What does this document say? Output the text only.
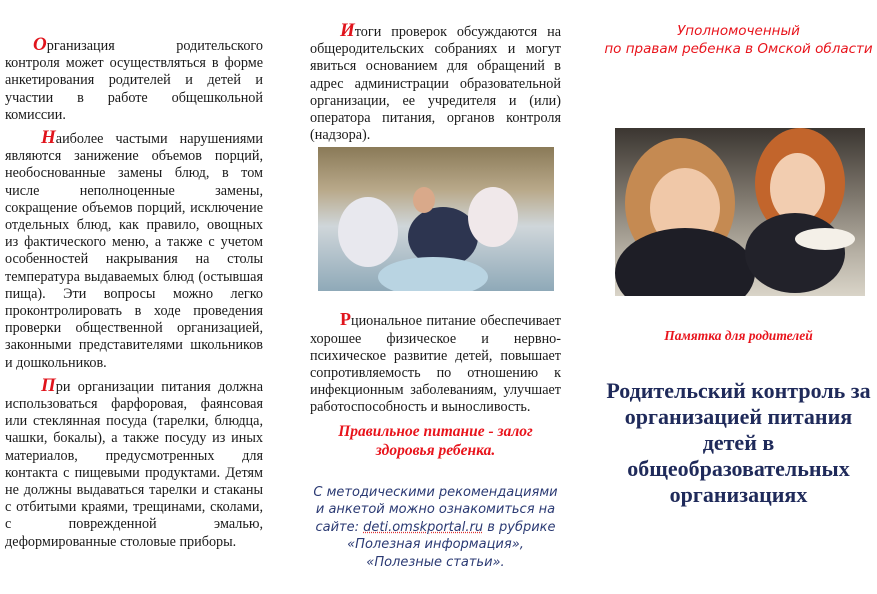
Организация родительского контроля может осуществляться в форме анкетирования родителей и детей и участии в работе общешкольной комиссии.

Наиболее частыми нарушениями являются занижение объемов порций, необоснованные замены блюд, в том числе неполноценные замены, сокращение объемов порций, исключение отдельных блюд, как правило, овощных из фактического меню, а также с учетом особенностей накрывания на столы температура выдаваемых блюд (остывшая пища). Эти вопросы можно легко проконтролировать в ходе проведения проверки общественной организацией, законными представителями школьников и дошкольников.

При организации питания должна использоваться фарфоровая, фаянсовая или стеклянная посуда (тарелки, блюдца, чашки, бокалы), а также посуду из иных материалов, предусмотренных для контакта с пищевыми продуктами. Детям не должны выдаваться тарелки и стаканы с отбитыми краями, трещинами, сколами, с поврежденной эмалью, деформированные столовые приборы.

Итоги проверок обсуждаются на общеродительских собраниях и могут явиться основанием для обращений в адрес администрации образовательной организации, ее учредителя и (или) оператора питания, органов контроля (надзора).

Рциональное питание обеспечивает хорошее физическое и нервно-психическое развитие детей, повышает сопротивляемость по отношению к инфекционным заболеваниям, улучшает работоспособность и выносливость.

Правильное питание - залог здоровья ребенка.
С методическими рекомендациями и анкетой можно ознакомиться на сайте: deti.omskportal.ru в рубрике «Полезная информация», «Полезные статьи».
Уполномоченный
по правам ребенка в Омской области
Памятка для родителей
Родительский контроль за организацией питания детей в общеобразовательных организациях
